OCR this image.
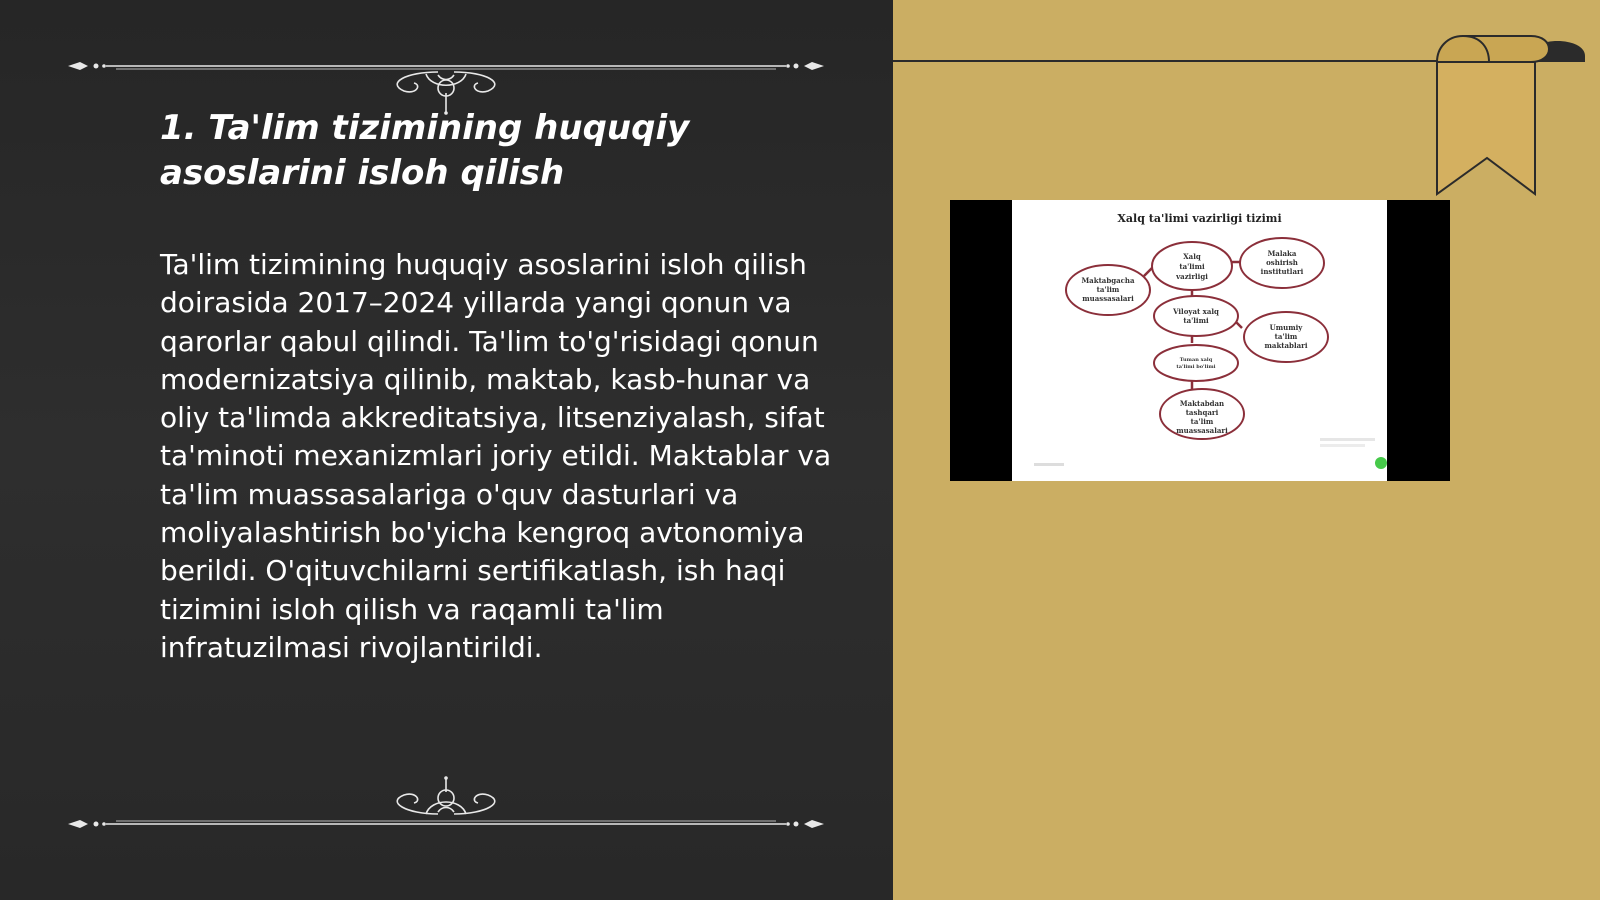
1. Ta'lim tizimining huquqiy asoslarini isloh qilish

Ta'lim tizimining huquqiy asoslarini isloh qilish doirasida 2017–2024 yillarda yangi qonun va qarorlar qabul qilindi. Ta'lim to'g'risidagi qonun modernizatsiya qilinib, maktab, kasb-hunar va oliy ta'limda akkreditatsiya, litsenziyalash, sifat ta'minoti mexanizmlari joriy etildi. Maktablar va ta'lim muassasalariga o'quv dasturlari va moliyalashtirish bo'yicha kengroq avtonomiya berildi. O'qituvchilarni sertifikatlash, ish haqi tizimini isloh qilish va raqamli ta'lim infratuzilmasi rivojlantirildi.

Xalq ta'limi vazirligi tizimi
Xalq ta'limi vazirligi
Malaka oshirish institutlari
Maktabgacha ta'lim muassasalari
Viloyat xalq ta'limi
Umumiy ta'lim maktablari
Tuman xalq ta'limi bo'limi
Maktabdan tashqari ta'lim muassasalari
